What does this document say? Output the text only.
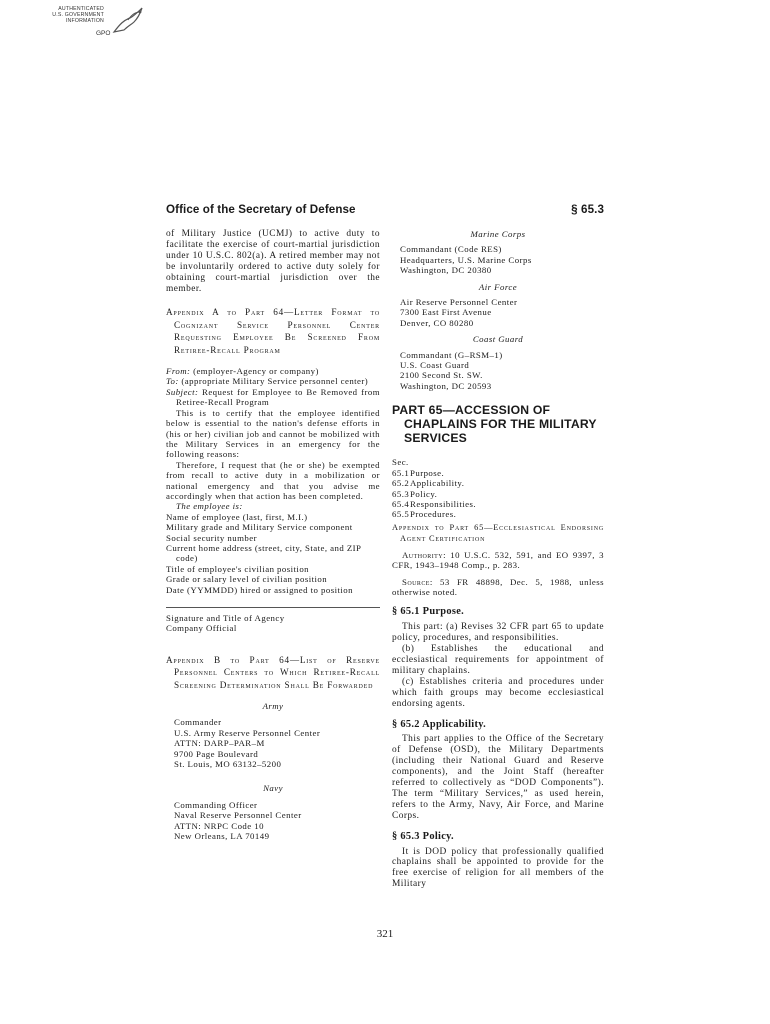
AUTHENTICATED
U.S. GOVERNMENT
INFORMATION
GPO
Office of the Secretary of Defense	§ 65.3

of Military Justice (UCMJ) to active duty to facilitate the exercise of court-martial jurisdiction under 10 U.S.C. 802(a). A retired member may not be involuntarily ordered to active duty solely for obtaining court-martial jurisdiction over the member.

Appendix A to Part 64—Letter Format to Cognizant Service Personnel Center Requesting Employee Be Screened From Retiree-Recall Program

From: (employer-Agency or company)

To: (appropriate Military Service personnel center)

Subject: Request for Employee to Be Removed from Retiree-Recall Program

This is to certify that the employee identified below is essential to the nation's defense efforts in (his or her) civilian job and cannot be mobilized with the Military Services in an emergency for the following reasons:

Therefore, I request that (he or she) be exempted from recall to active duty in a mobilization or national emergency and that you advise me accordingly when that action has been completed.

The employee is:

Name of employee (last, first, M.I.)

Military grade and Military Service component

Social security number

Current home address (street, city, State, and ZIP code)

Title of employee's civilian position

Grade or salary level of civilian position

Date (YYMMDD) hired or assigned to position

Signature and Title of Agency

Company Official

Appendix B to Part 64—List of Reserve Personnel Centers to Which Retiree-Recall Screening Determination Shall Be Forwarded

Army

Commander

U.S. Army Reserve Personnel Center

ATTN: DARP–PAR–M

9700 Page Boulevard

St. Louis, MO 63132–5200

Navy

Commanding Officer

Naval Reserve Personnel Center

ATTN: NRPC Code 10

New Orleans, LA 70149

Marine Corps

Commandant (Code RES)

Headquarters, U.S. Marine Corps

Washington, DC 20380

Air Force

Air Reserve Personnel Center

7300 East First Avenue

Denver, CO 80280

Coast Guard

Commandant (G–RSM–1)

U.S. Coast Guard

2100 Second St. SW.

Washington, DC 20593

PART 65—ACCESSION OF CHAPLAINS FOR THE MILITARY SERVICES

Sec.

65.1 Purpose.
65.2 Applicability.
65.3 Policy.
65.4 Responsibilities.
65.5 Procedures.

Appendix to Part 65—Ecclesiastical Endorsing Agent Certification

Authority: 10 U.S.C. 532, 591, and EO 9397, 3 CFR, 1943–1948 Comp., p. 283.

Source: 53 FR 48898, Dec. 5, 1988, unless otherwise noted.

§ 65.1 Purpose.

This part: (a) Revises 32 CFR part 65 to update policy, procedures, and responsibilities.

(b) Establishes the educational and ecclesiastical requirements for appointment of military chaplains.

(c) Establishes criteria and procedures under which faith groups may become ecclesiastical endorsing agents.

§ 65.2 Applicability.

This part applies to the Office of the Secretary of Defense (OSD), the Military Departments (including their National Guard and Reserve components), and the Joint Staff (hereafter referred to collectively as “DOD Components”). The term “Military Services,” as used herein, refers to the Army, Navy, Air Force, and Marine Corps.

§ 65.3 Policy.

It is DOD policy that professionally qualified chaplains shall be appointed to provide for the free exercise of religion for all members of the Military

321
